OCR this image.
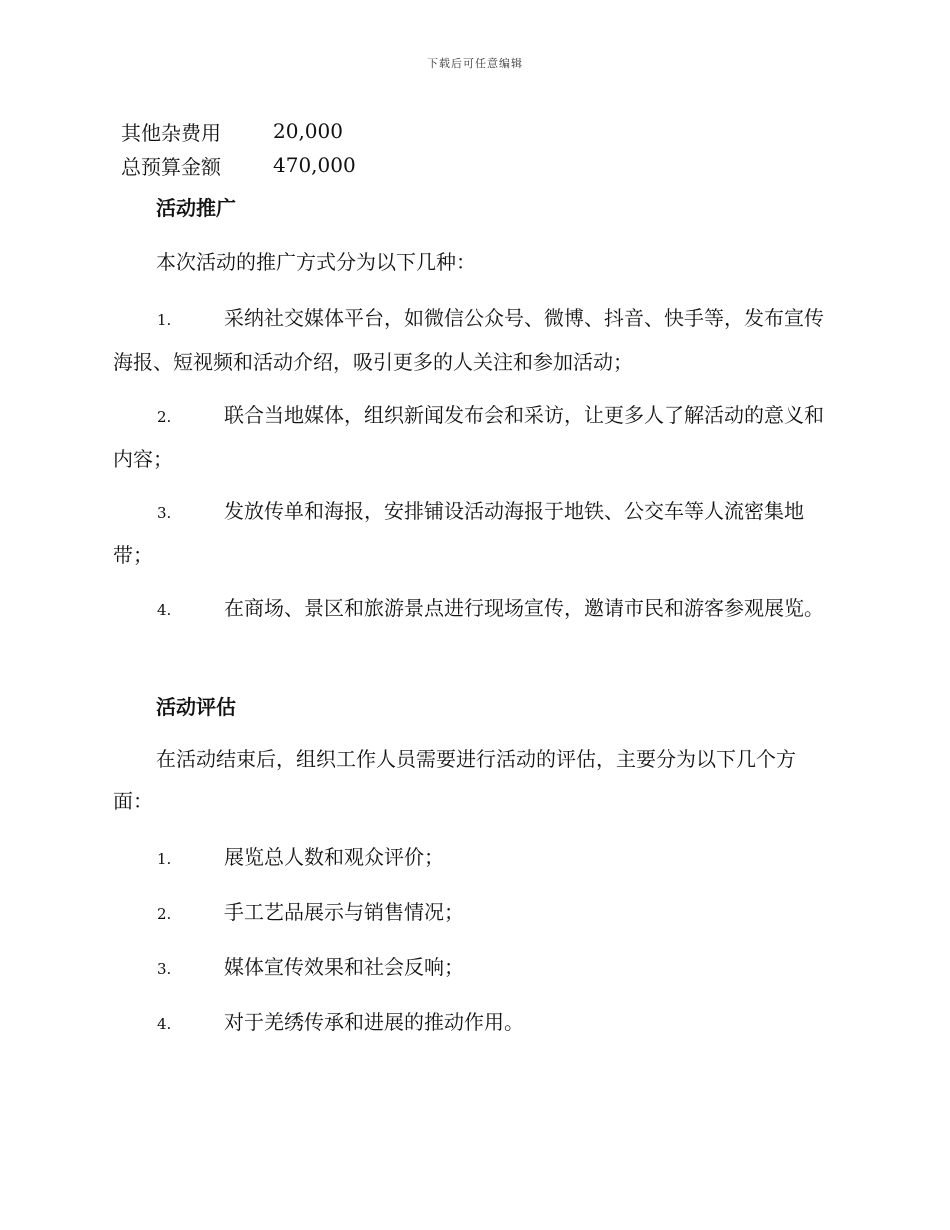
下载后可任意编辑
其他杂费用	20,000
总预算金额	470,000
活动推广
本次活动的推广方式分为以下几种：
1.	采纳社交媒体平台，如微信公众号、微博、抖音、快手等，发布宣传海报、短视频和活动介绍，吸引更多的人关注和参加活动；
2.	联合当地媒体，组织新闻发布会和采访，让更多人了解活动的意义和内容；
3.	发放传单和海报，安排铺设活动海报于地铁、公交车等人流密集地带；
4.	在商场、景区和旅游景点进行现场宣传，邀请市民和游客参观展览。
活动评估
在活动结束后，组织工作人员需要进行活动的评估，主要分为以下几个方面：
1.	展览总人数和观众评价；
2.	手工艺品展示与销售情况；
3.	媒体宣传效果和社会反响；
4.	对于羌绣传承和进展的推动作用。
